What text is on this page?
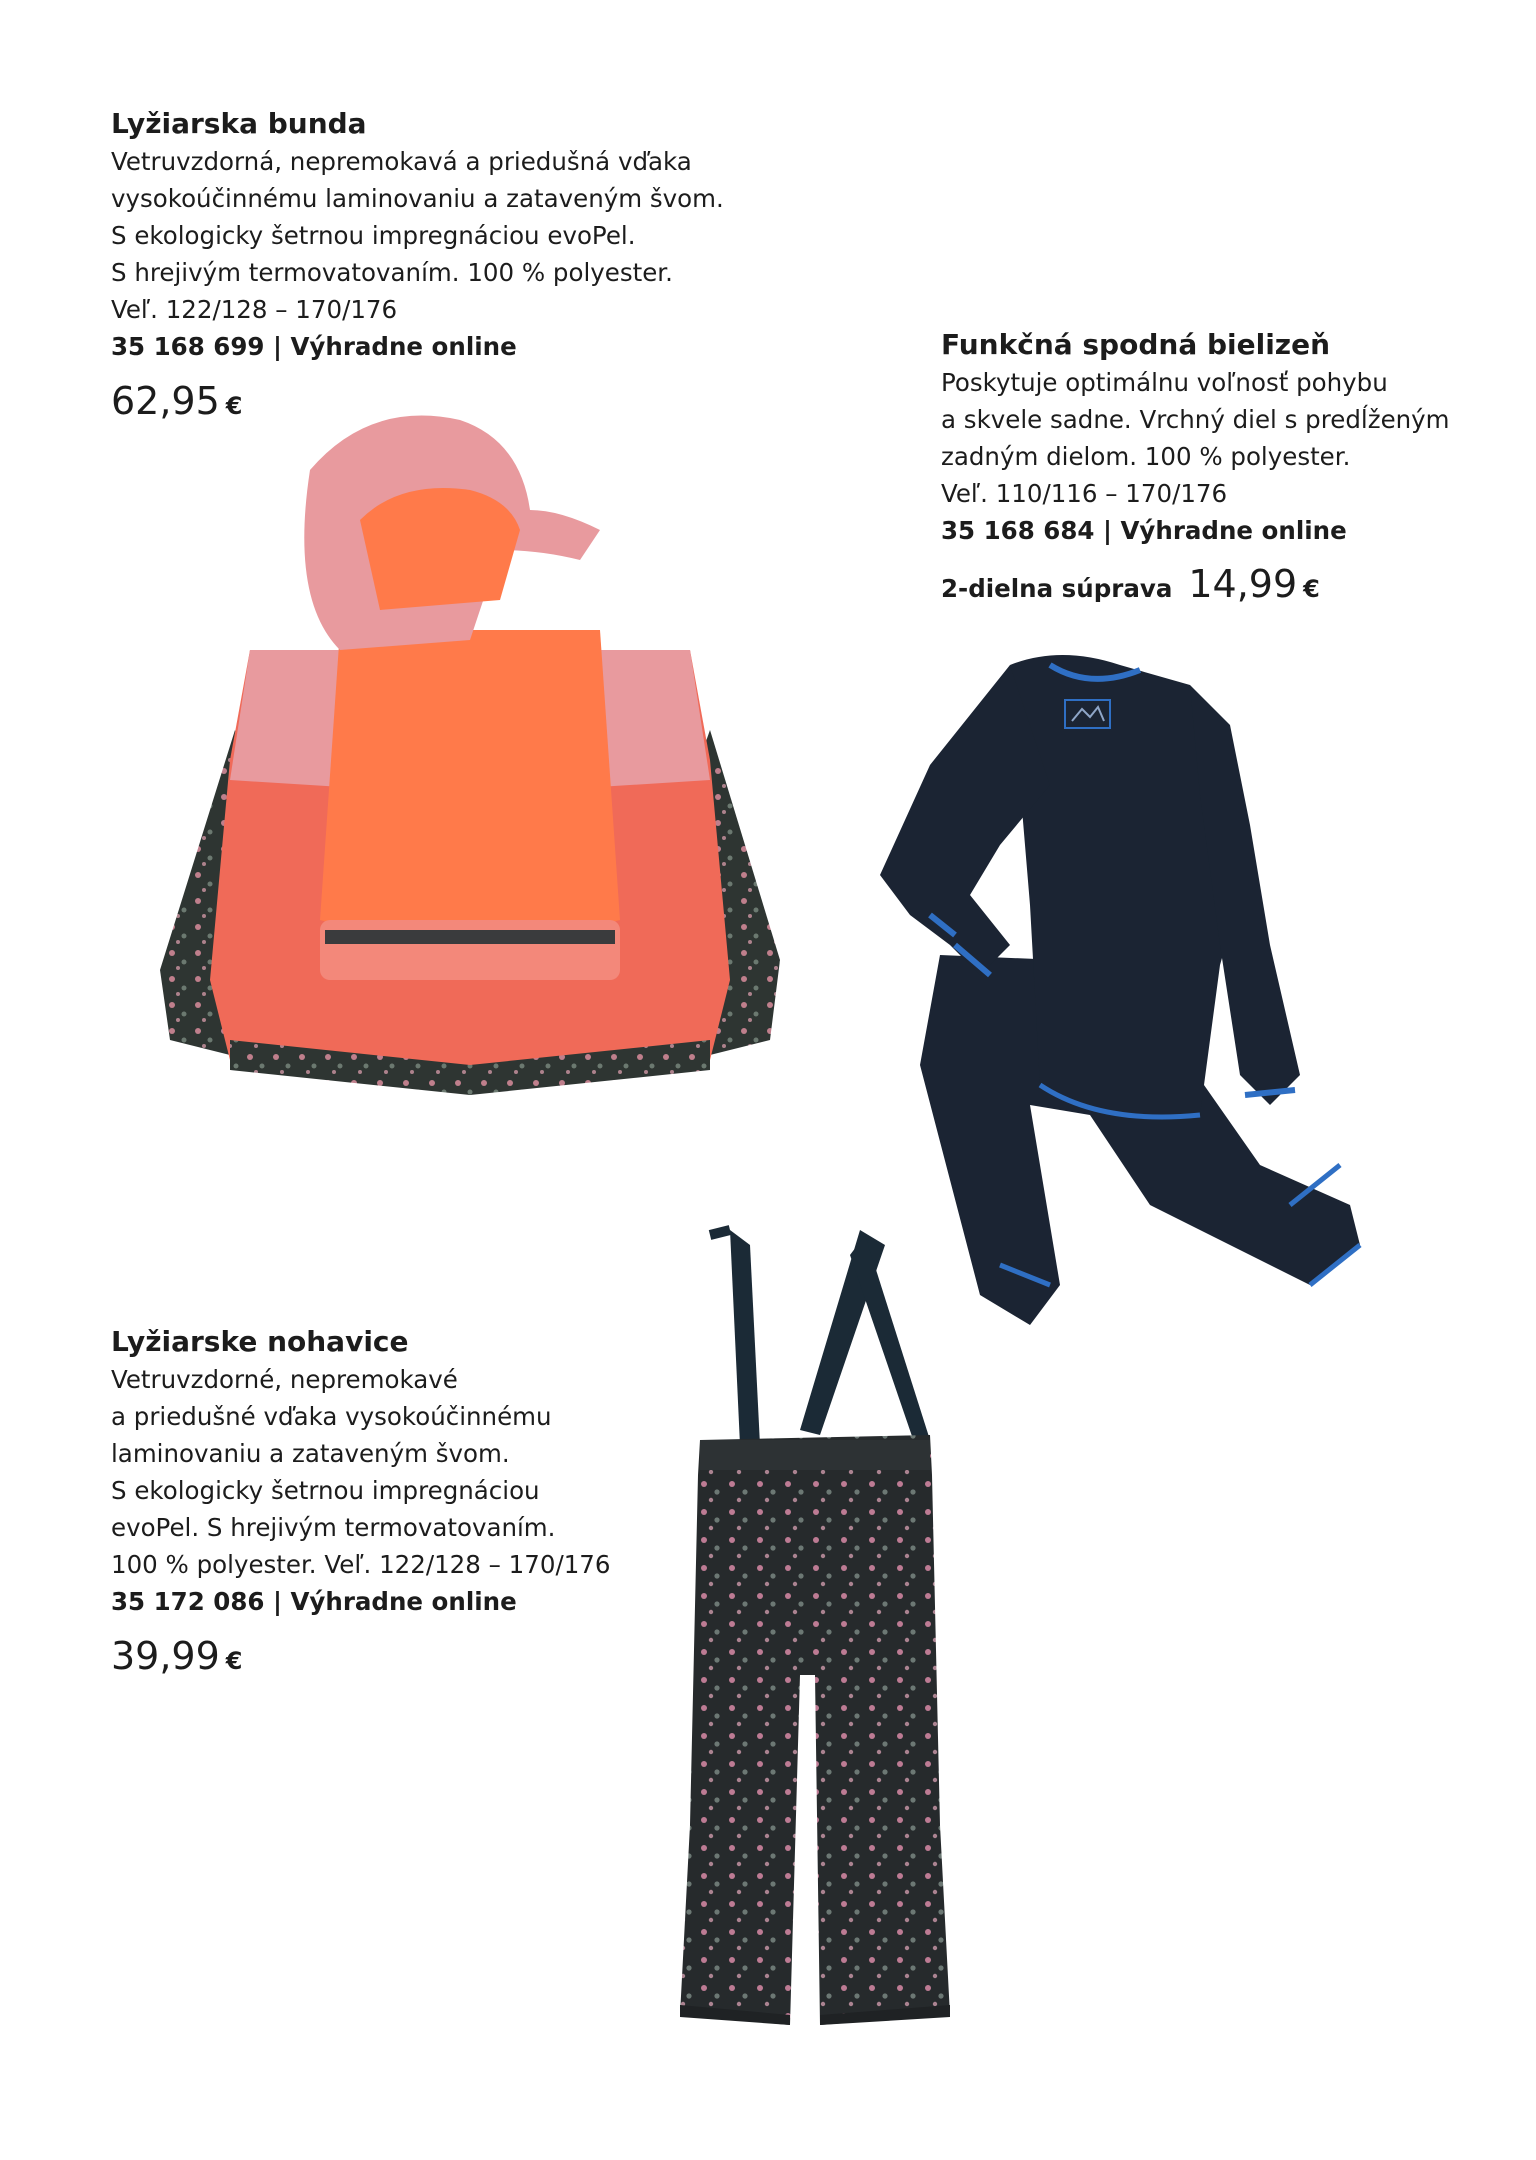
Lyžiarska bunda
Vetruvzdorná, nepremokavá a priedušná vďaka
vysokoúčinnému laminovaniu a zataveným švom.
S ekologicky šetrnou impregnáciou evoPel.
S hrejivým termovatovaním. 100 % polyester.
Veľ. 122/128 – 170/176
35 168 699 | Výhradne online
62,95 €
Funkčná spodná bielizeň
Poskytuje optimálnu voľnosť pohybu
a skvele sadne. Vrchný diel s predĺženým
zadným dielom. 100 % polyester.
Veľ. 110/116 – 170/176
35 168 684 | Výhradne online
2-dielna súprava 14,99 €
Lyžiarske nohavice
Vetruvzdorné, nepremokavé
a priedušné vďaka vysokoúčinnému
laminovaniu a zataveným švom.
S ekologicky šetrnou impregnáciou
evoPel. S hrejivým termovatovaním.
100 % polyester. Veľ. 122/128 – 170/176
35 172 086 | Výhradne online
39,99 €
